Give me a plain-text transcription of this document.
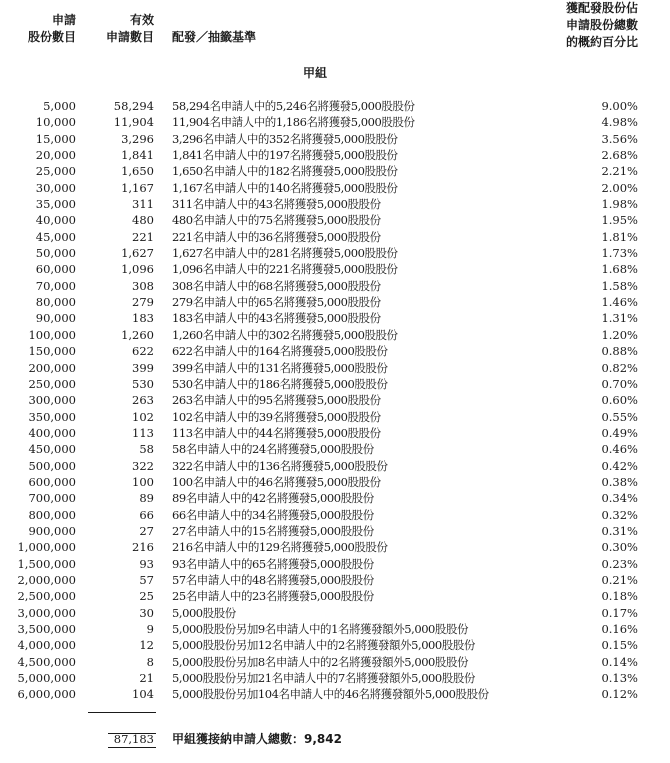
申請
股份數目
有效
申請數目 配發／抽籤基準
獲配發股份佔
申請股份總數
的概約百分比
甲組
5,000	58,294 58,294名申請人中的5,246名將獲發5,000股股份	9.00%
10,000	11,904 11,904名申請人中的1,186名將獲發5,000股股份	4.98%
15,000	3,296 3,296名申請人中的352名將獲發5,000股股份	3.56%
20,000	1,841 1,841名申請人中的197名將獲發5,000股股份	2.68%
25,000	1,650 1,650名申請人中的182名將獲發5,000股股份	2.21%
30,000	1,167 1,167名申請人中的140名將獲發5,000股股份	2.00%
35,000	311 311名申請人中的43名將獲發5,000股股份	1.98%
40,000	480 480名申請人中的75名將獲發5,000股股份	1.95%
45,000	221 221名申請人中的36名將獲發5,000股股份	1.81%
50,000	1,627 1,627名申請人中的281名將獲發5,000股股份	1.73%
60,000	1,096 1,096名申請人中的221名將獲發5,000股股份	1.68%
70,000	308 308名申請人中的68名將獲發5,000股股份	1.58%
80,000	279 279名申請人中的65名將獲發5,000股股份	1.46%
90,000	183 183名申請人中的43名將獲發5,000股股份	1.31%
100,000	1,260 1,260名申請人中的302名將獲發5,000股股份	1.20%
150,000	622 622名申請人中的164名將獲發5,000股股份	0.88%
200,000	399 399名申請人中的131名將獲發5,000股股份	0.82%
250,000	530 530名申請人中的186名將獲發5,000股股份	0.70%
300,000	263 263名申請人中的95名將獲發5,000股股份	0.60%
350,000	102 102名申請人中的39名將獲發5,000股股份	0.55%
400,000	113 113名申請人中的44名將獲發5,000股股份	0.49%
450,000	58 58名申請人中的24名將獲發5,000股股份	0.46%
500,000	322 322名申請人中的136名將獲發5,000股股份	0.42%
600,000	100 100名申請人中的46名將獲發5,000股股份	0.38%
700,000	89 89名申請人中的42名將獲發5,000股股份	0.34%
800,000	66 66名申請人中的34名將獲發5,000股股份	0.32%
900,000	27 27名申請人中的15名將獲發5,000股股份	0.31%
1,000,000	216 216名申請人中的129名將獲發5,000股股份	0.30%
1,500,000	93 93名申請人中的65名將獲發5,000股股份	0.23%
2,000,000	57 57名申請人中的48名將獲發5,000股股份	0.21%
2,500,000	25 25名申請人中的23名將獲發5,000股股份	0.18%
3,000,000	30 5,000股股份	0.17%
3,500,000	9 5,000股股份另加9名申請人中的1名將獲發額外5,000股股份	0.16%
4,000,000	12 5,000股股份另加12名申請人中的2名將獲發額外5,000股股份	0.15%
4,500,000	8 5,000股股份另加8名申請人中的2名將獲發額外5,000股股份	0.14%
5,000,000	21 5,000股股份另加21名申請人中的7名將獲發額外5,000股股份	0.13%
6,000,000	104 5,000股股份另加104名申請人中的46名將獲發額外5,000股股份	0.12%
87,183 甲組獲接納申請人總數：9,842
